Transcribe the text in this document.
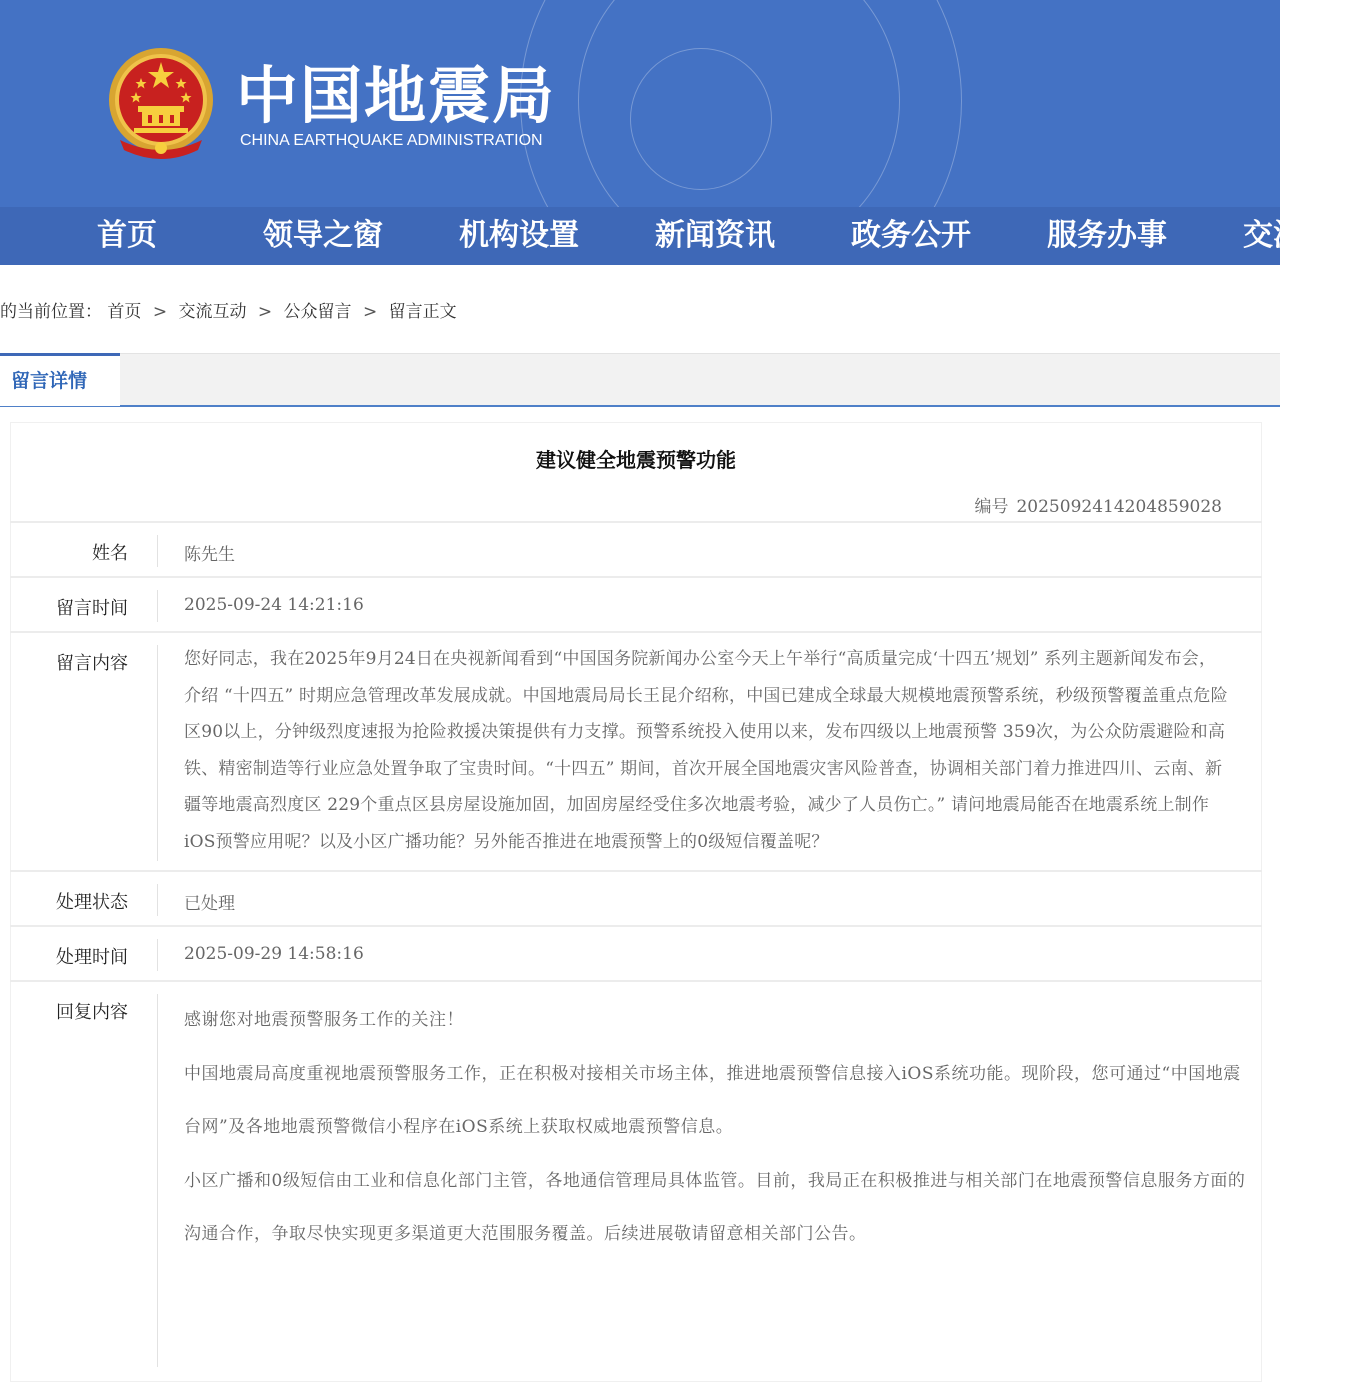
中国地震局
CHINA EARTHQUAKE ADMINISTRATION
首页	领导之窗	机构设置	新闻资讯	政务公开	服务办事	交流互动
的当前位置： 首页 > 交流互动 > 公众留言 > 留言正文
留言详情
建议健全地震预警功能
编号 2025092414204859028
姓名	陈先生
留言时间	2025-09-24 14:21:16
留言内容	您好同志，我在2025年9月24日在央视新闻看到“中国国务院新闻办公室今天上午举行“高质量完成‘十四五’规划” 系列主题新闻发布会，介绍 “十四五” 时期应急管理改革发展成就。中国地震局局长王昆介绍称，中国已建成全球最大规模地震预警系统，秒级预警覆盖重点危险区90以上，分钟级烈度速报为抢险救援决策提供有力支撑。预警系统投入使用以来，发布四级以上地震预警 359次，为公众防震避险和高铁、精密制造等行业应急处置争取了宝贵时间。“十四五” 期间，首次开展全国地震灾害风险普查，协调相关部门着力推进四川、云南、新疆等地震高烈度区 229个重点区县房屋设施加固，加固房屋经受住多次地震考验，减少了人员伤亡。” 请问地震局能否在地震系统上制作iOS预警应用呢？以及小区广播功能？另外能否推进在地震预警上的0级短信覆盖呢？
处理状态	已处理
处理时间	2025-09-29 14:58:16
回复内容	感谢您对地震预警服务工作的关注！

中国地震局高度重视地震预警服务工作，正在积极对接相关市场主体，推进地震预警信息接入iOS系统功能。现阶段，您可通过“中国地震台网”及各地地震预警微信小程序在iOS系统上获取权威地震预警信息。

小区广播和0级短信由工业和信息化部门主管，各地通信管理局具体监管。目前，我局正在积极推进与相关部门在地震预警信息服务方面的沟通合作，争取尽快实现更多渠道更大范围服务覆盖。后续进展敬请留意相关部门公告。
